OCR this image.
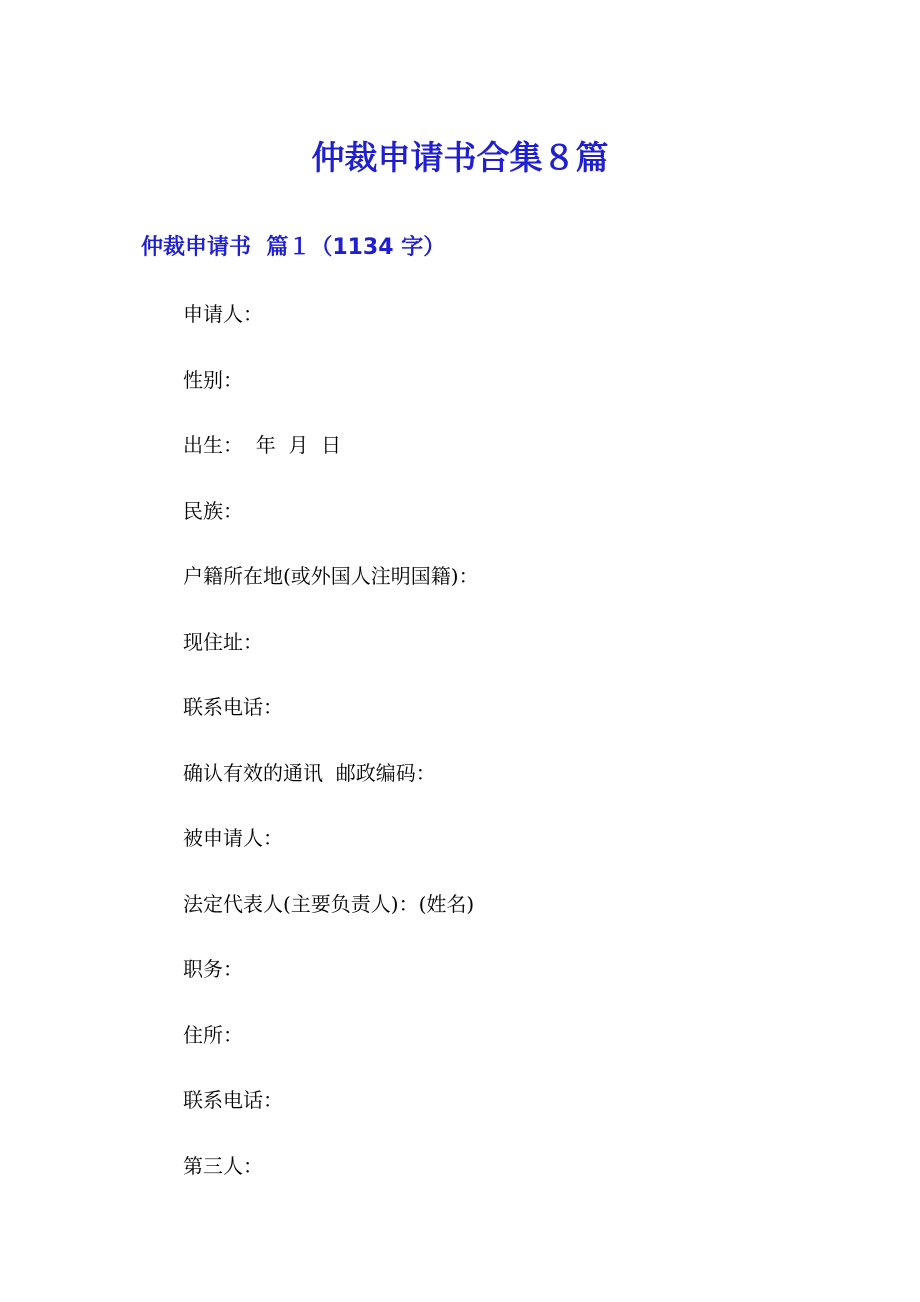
仲裁申请书合集８篇
仲裁申请书  篇１（1134 字）
申请人：
性别：
出生：  年  月  日
民族：
户籍所在地(或外国人注明国籍)：
现住址：
联系电话：
确认有效的通讯  邮政编码：
被申请人：
法定代表人(主要负责人)：(姓名)
职务：
住所：
联系电话：
第三人：
